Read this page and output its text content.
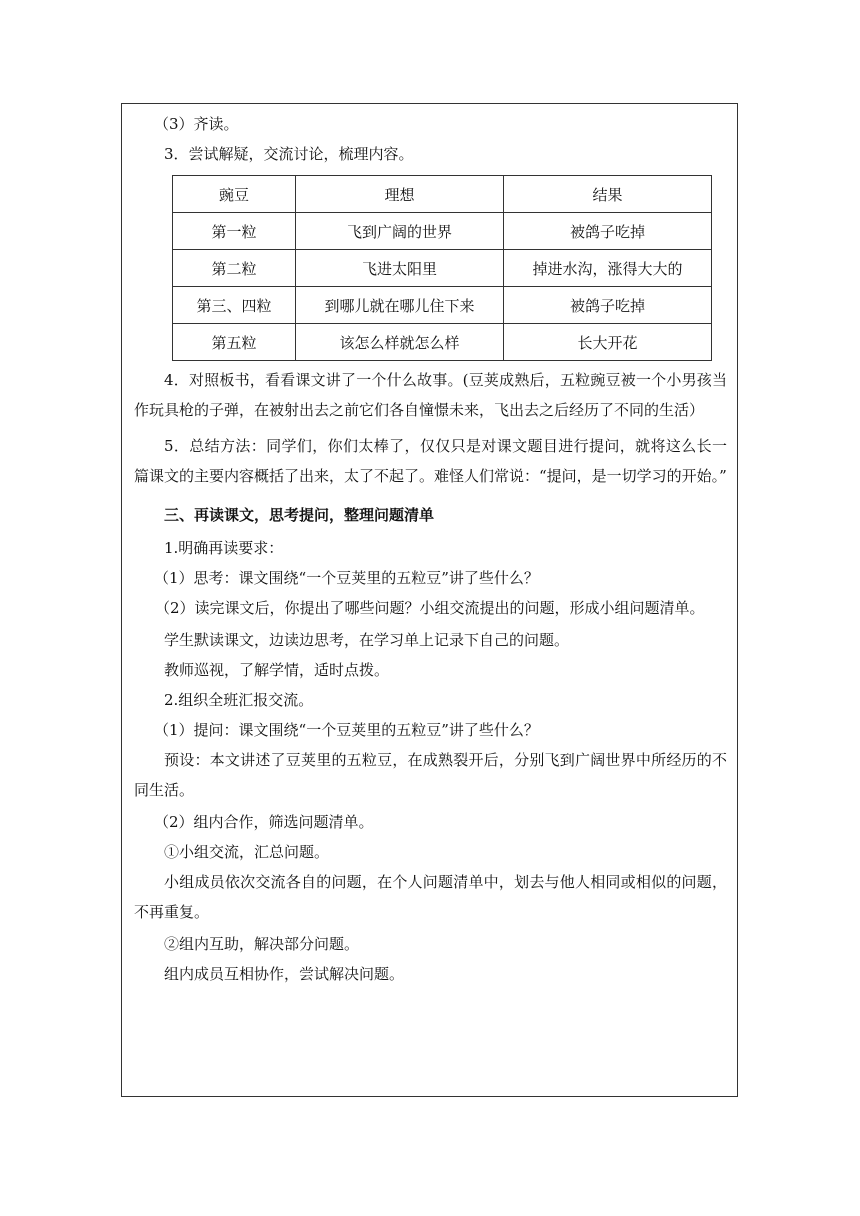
（3）齐读。
3．尝试解疑，交流讨论，梳理内容。
豌豆	理想	结果
第一粒	飞到广阔的世界	被鸽子吃掉
第二粒	飞进太阳里	掉进水沟，涨得大大的
第三、四粒	到哪儿就在哪儿住下来	被鸽子吃掉
第五粒	该怎么样就怎么样	长大开花

4．对照板书，看看课文讲了一个什么故事。(豆荚成熟后，五粒豌豆被一个小男孩当作玩具枪的子弹，在被射出去之前它们各自憧憬未来，飞出去之后经历了不同的生活）

5．总结方法：同学们，你们太棒了，仅仅只是对课文题目进行提问，就将这么长一篇课文的主要内容概括了出来，太了不起了。难怪人们常说：“提问，是一切学习的开始。”

三、再读课文，思考提问，整理问题清单
1.明确再读要求：
（1）思考：课文围绕“一个豆荚里的五粒豆”讲了些什么？

（2）读完课文后，你提出了哪些问题？小组交流提出的问题，形成小组问题清单。

学生默读课文，边读边思考，在学习单上记录下自己的问题。
教师巡视，了解学情，适时点拨。
2.组织全班汇报交流。
（1）提问：课文围绕“一个豆荚里的五粒豆”讲了些什么？

预设：本文讲述了豆荚里的五粒豆，在成熟裂开后，分别飞到广阔世界中所经历的不同生活。

（2）组内合作，筛选问题清单。
①小组交流，汇总问题。

小组成员依次交流各自的问题，在个人问题清单中，划去与他人相同或相似的问题，不再重复。

②组内互助，解决部分问题。
组内成员互相协作，尝试解决问题。
